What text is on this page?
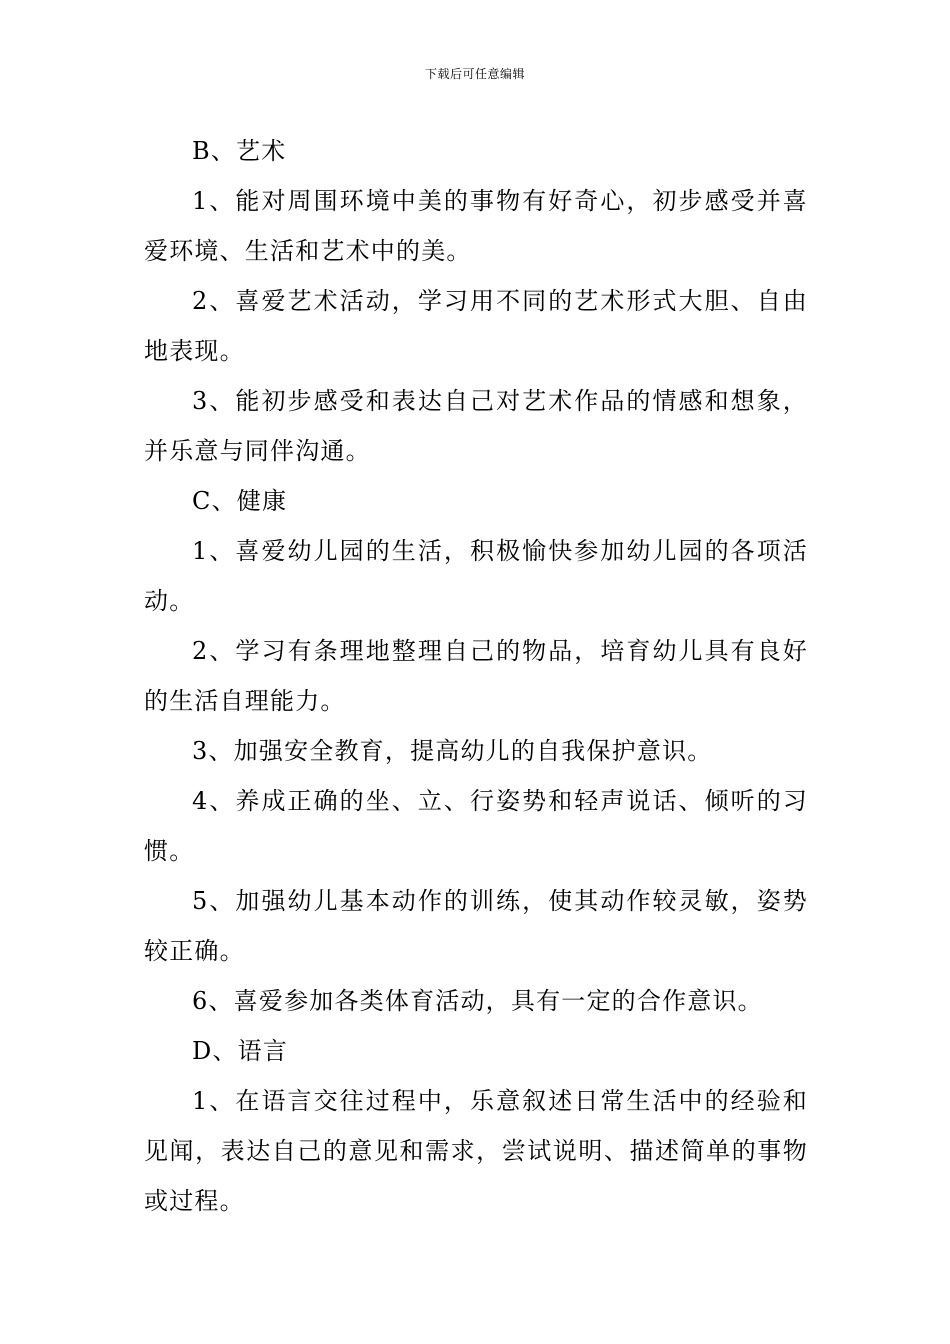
下载后可任意编辑

B、艺术

1、能对周围环境中美的事物有好奇心，初步感受并喜爱环境、生活和艺术中的美。

2、喜爱艺术活动，学习用不同的艺术形式大胆、自由地表现。

3、能初步感受和表达自己对艺术作品的情感和想象，并乐意与同伴沟通。

C、健康

1、喜爱幼儿园的生活，积极愉快参加幼儿园的各项活动。

2、学习有条理地整理自己的物品，培育幼儿具有良好的生活自理能力。

3、加强安全教育，提高幼儿的自我保护意识。

4、养成正确的坐、立、行姿势和轻声说话、倾听的习惯。

5、加强幼儿基本动作的训练，使其动作较灵敏，姿势较正确。

6、喜爱参加各类体育活动，具有一定的合作意识。

D、语言

1、在语言交往过程中，乐意叙述日常生活中的经验和见闻，表达自己的意见和需求，尝试说明、描述简单的事物或过程。
